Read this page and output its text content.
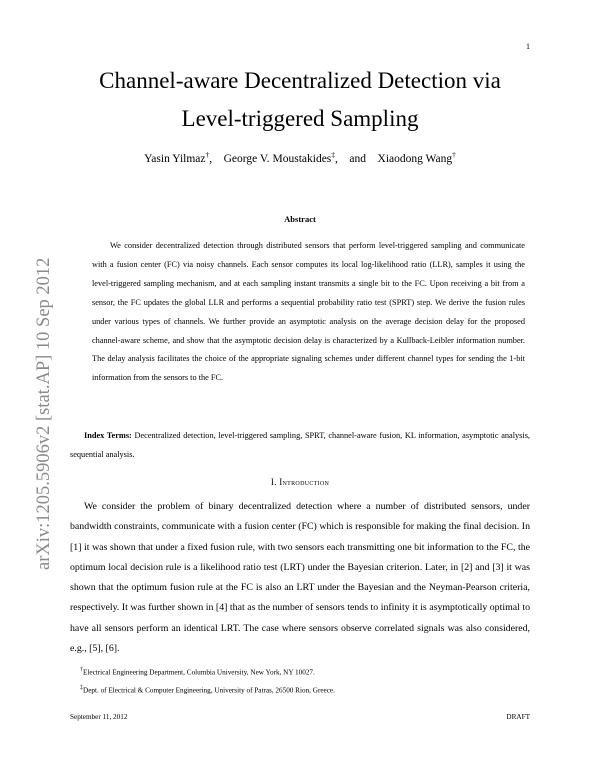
1
arXiv:1205.5906v2 [stat.AP] 10 Sep 2012
Channel-aware Decentralized Detection via
Level-triggered Sampling
Yasin Yilmaz†,    George V. Moustakides‡,    and Xiaodong Wang†
Abstract
We consider decentralized detection through distributed sensors that perform level-triggered sampling and communicate with a fusion center (FC) via noisy channels. Each sensor computes its local log-likelihood ratio (LLR), samples it using the level-triggered sampling mechanism, and at each sampling instant transmits a single bit to the FC. Upon receiving a bit from a sensor, the FC updates the global LLR and performs a sequential probability ratio test (SPRT) step. We derive the fusion rules under various types of channels. We further provide an asymptotic analysis on the average decision delay for the proposed channel-aware scheme, and show that the asymptotic decision delay is characterized by a Kullback-Leibler information number. The delay analysis facilitates the choice of the appropriate signaling schemes under different channel types for sending the 1-bit information from the sensors to the FC.
Index Terms: Decentralized detection, level-triggered sampling, SPRT, channel-aware fusion, KL information, asymptotic analysis, sequential analysis.
I. Introduction
We consider the problem of binary decentralized detection where a number of distributed sensors, under bandwidth constraints, communicate with a fusion center (FC) which is responsible for making the final decision. In [1] it was shown that under a fixed fusion rule, with two sensors each transmitting one bit information to the FC, the optimum local decision rule is a likelihood ratio test (LRT) under the Bayesian criterion. Later, in [2] and [3] it was shown that the optimum fusion rule at the FC is also an LRT under the Bayesian and the Neyman-Pearson criteria, respectively. It was further shown in [4] that as the number of sensors tends to infinity it is asymptotically optimal to have all sensors perform an identical LRT. The case where sensors observe correlated signals was also considered, e.g., [5], [6].
†Electrical Engineering Department, Columbia University, New York, NY 10027.
‡Dept. of Electrical & Computer Engineering, University of Patras, 26500 Rion, Greece.
September 11, 2012	DRAFT
